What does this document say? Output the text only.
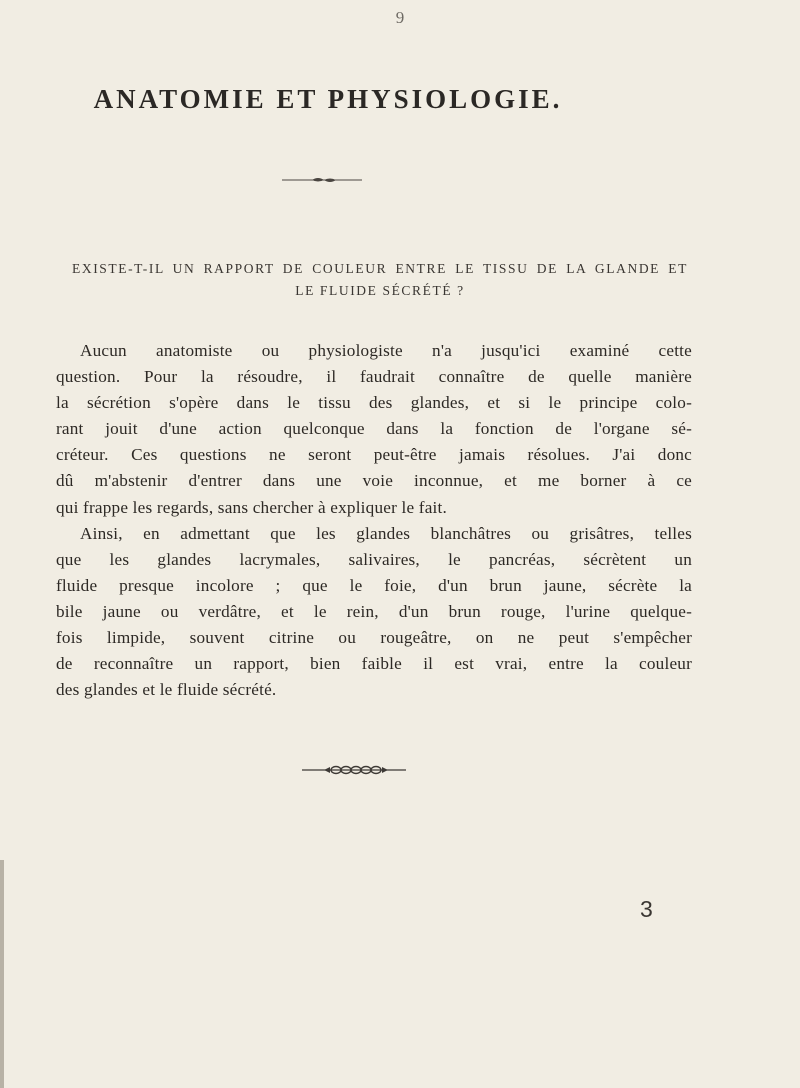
9
ANATOMIE ET PHYSIOLOGIE.
EXISTE-T-IL UN RAPPORT DE COULEUR ENTRE LE TISSU DE LA GLANDE ET
LE FLUIDE SÉCRÉTÉ ?
Aucun anatomiste ou physiologiste n'a jusqu'ici examiné cette
question. Pour la résoudre, il faudrait connaître de quelle manière
la sécrétion s'opère dans le tissu des glandes, et si le principe colo-
rant jouit d'une action quelconque dans la fonction de l'organe sé-
créteur. Ces questions ne seront peut-être jamais résolues. J'ai donc
dû m'abstenir d'entrer dans une voie inconnue, et me borner à ce
qui frappe les regards, sans chercher à expliquer le fait.
Ainsi, en admettant que les glandes blanchâtres ou grisâtres, telles
que les glandes lacrymales, salivaires, le pancréas, sécrètent un
fluide presque incolore ; que le foie, d'un brun jaune, sécrète la
bile jaune ou verdâtre, et le rein, d'un brun rouge, l'urine quelque-
fois limpide, souvent citrine ou rougeâtre, on ne peut s'empêcher
de reconnaître un rapport, bien faible il est vrai, entre la couleur
des glandes et le fluide sécrété.
3
